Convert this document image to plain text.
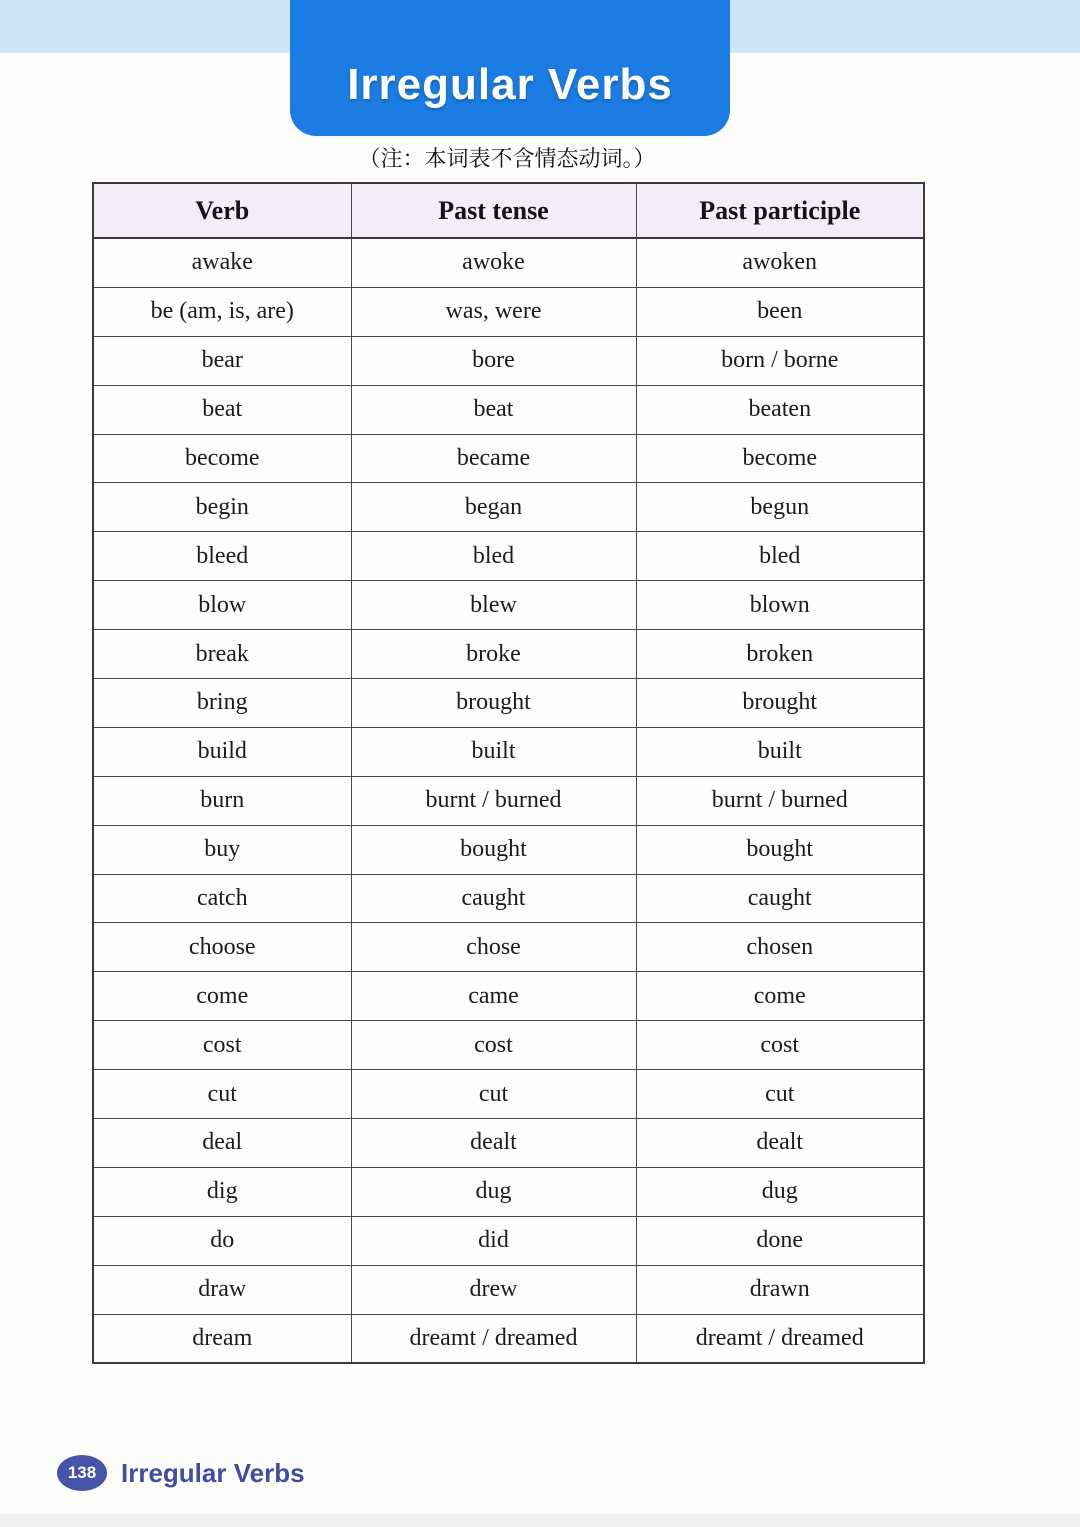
Irregular Verbs
（注：本词表不含情态动词。）
Verb	Past tense	Past participle
awake	awoke	awoken
be (am, is, are)	was, were	been
bear	bore	born / borne
beat	beat	beaten
become	became	become
begin	began	begun
bleed	bled	bled
blow	blew	blown
break	broke	broken
bring	brought	brought
build	built	built
burn	burnt / burned	burnt / burned
buy	bought	bought
catch	caught	caught
choose	chose	chosen
come	came	come
cost	cost	cost
cut	cut	cut
deal	dealt	dealt
dig	dug	dug
do	did	done
draw	drew	drawn
dream	dreamt / dreamed	dreamt / dreamed
138 Irregular Verbs
